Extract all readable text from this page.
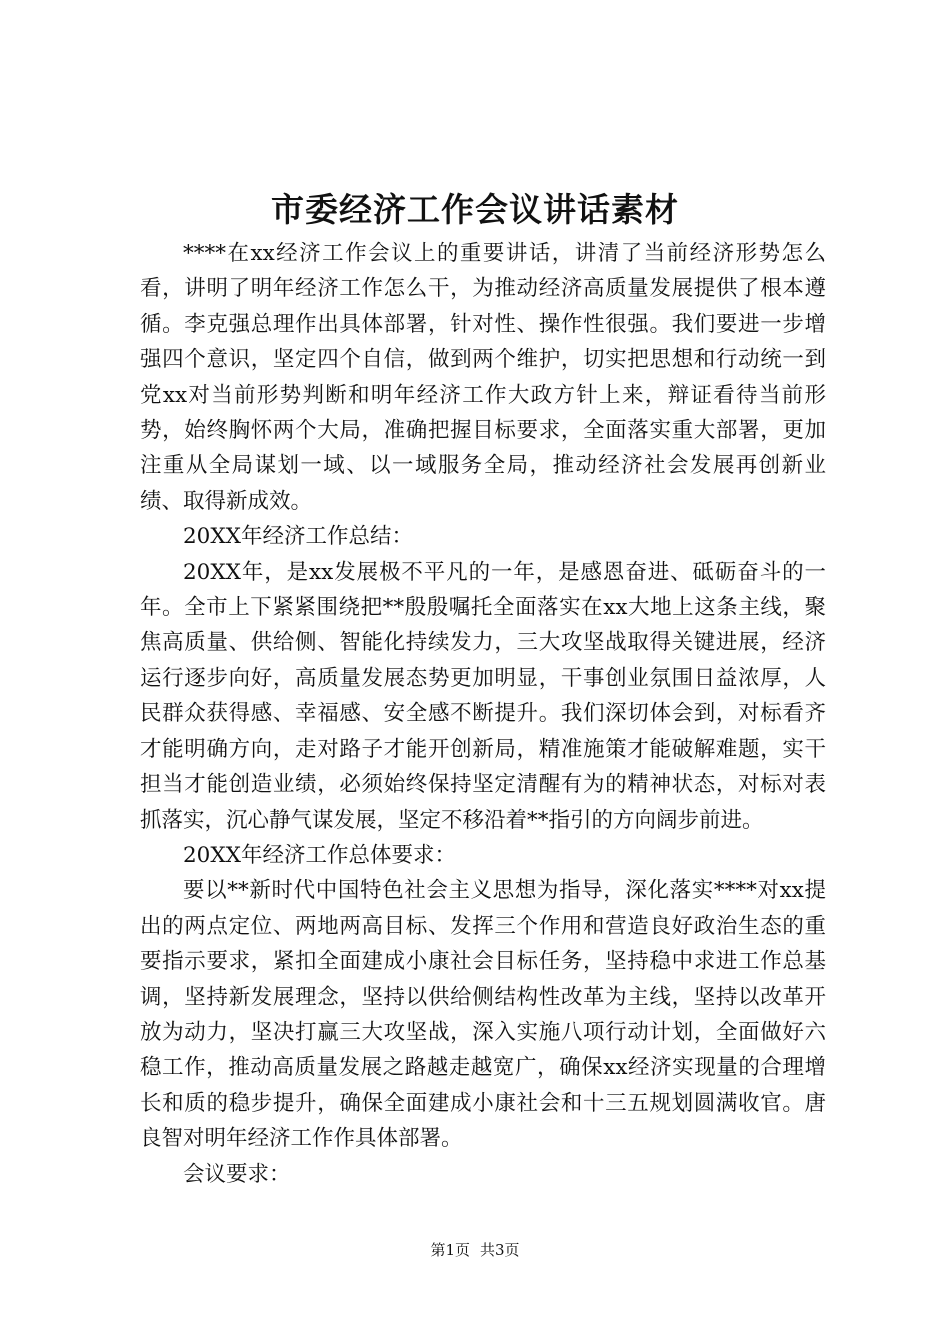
市委经济工作会议讲话素材

****在xx经济工作会议上的重要讲话，讲清了当前经济形势怎么看，讲明了明年经济工作怎么干，为推动经济高质量发展提供了根本遵循。李克强总理作出具体部署，针对性、操作性很强。我们要进一步增强四个意识，坚定四个自信，做到两个维护，切实把思想和行动统一到党xx对当前形势判断和明年经济工作大政方针上来，辩证看待当前形势，始终胸怀两个大局，准确把握目标要求，全面落实重大部署，更加注重从全局谋划一域、以一域服务全局，推动经济社会发展再创新业绩、取得新成效。

20XX年经济工作总结：

20XX年，是xx发展极不平凡的一年，是感恩奋进、砥砺奋斗的一年。全市上下紧紧围绕把**殷殷嘱托全面落实在xx大地上这条主线，聚焦高质量、供给侧、智能化持续发力，三大攻坚战取得关键进展，经济运行逐步向好，高质量发展态势更加明显，干事创业氛围日益浓厚，人民群众获得感、幸福感、安全感不断提升。我们深切体会到，对标看齐才能明确方向，走对路子才能开创新局，精准施策才能破解难题，实干担当才能创造业绩，必须始终保持坚定清醒有为的精神状态，对标对表抓落实，沉心静气谋发展，坚定不移沿着**指引的方向阔步前进。

20XX年经济工作总体要求：

要以**新时代中国特色社会主义思想为指导，深化落实****对xx提出的两点定位、两地两高目标、发挥三个作用和营造良好政治生态的重要指示要求，紧扣全面建成小康社会目标任务，坚持稳中求进工作总基调，坚持新发展理念，坚持以供给侧结构性改革为主线，坚持以改革开放为动力，坚决打赢三大攻坚战，深入实施八项行动计划，全面做好六稳工作，推动高质量发展之路越走越宽广，确保xx经济实现量的合理增长和质的稳步提升，确保全面建成小康社会和十三五规划圆满收官。唐良智对明年经济工作作具体部署。

会议要求：

第1页 共3页
